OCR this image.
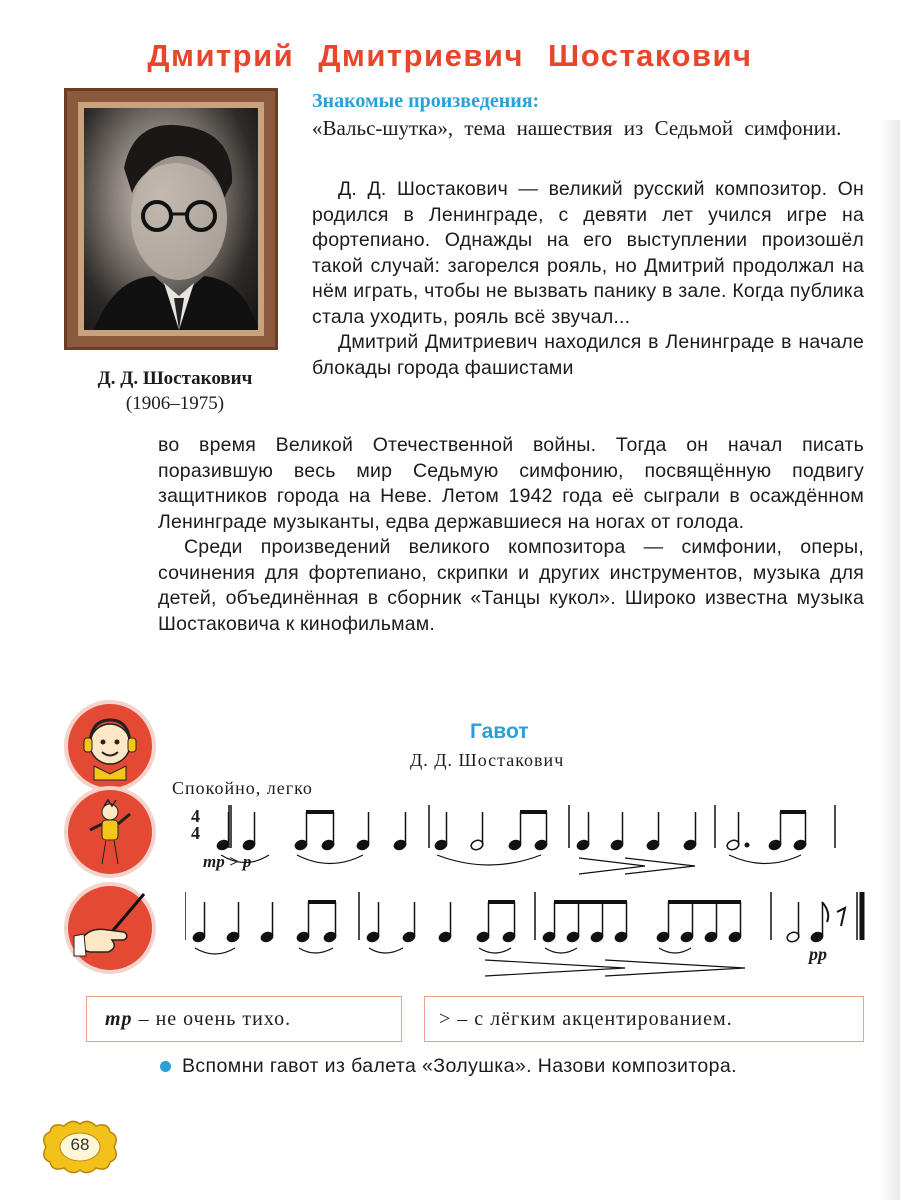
Дмитрий Дмитриевич Шостакович
Д. Д. Шостакович
(1906–1975)
Знакомые произведения:
«Вальс-шутка», тема нашествия из Седьмой симфонии.

Д. Д. Шостакович — великий русский композитор. Он родился в Ленинграде, с девяти лет учился игре на фортепиано. Однажды на его выступлении произошёл такой случай: загорелся рояль, но Дмитрий продолжал на нём играть, чтобы не вызвать панику в зале. Когда публика стала уходить, рояль всё звучал...

Дмитрий Дмитриевич находился в Ленинграде в начале блокады города фашистами

во время Великой Отечественной войны. Тогда он начал писать поразившую весь мир Седьмую симфонию, посвящённую подвигу защитников города на Неве. Летом 1942 года её сыграли в осаждённом Ленинграде музыканты, едва державшиеся на ногах от голода.

Среди произведений великого композитора — симфонии, оперы, сочинения для фортепиано, скрипки и других инструментов, музыка для детей, объединённая в сборник «Танцы кукол». Широко известна музыка Шостаковича к кинофильмам.

Гавот
Д. Д. Шостакович
Спокойно, легко
4
4
mp > p
pp
mp – не очень тихо.	> – с лёгким акцентированием.
Вспомни гавот из балета «Золушка». Назови композитора.
68
